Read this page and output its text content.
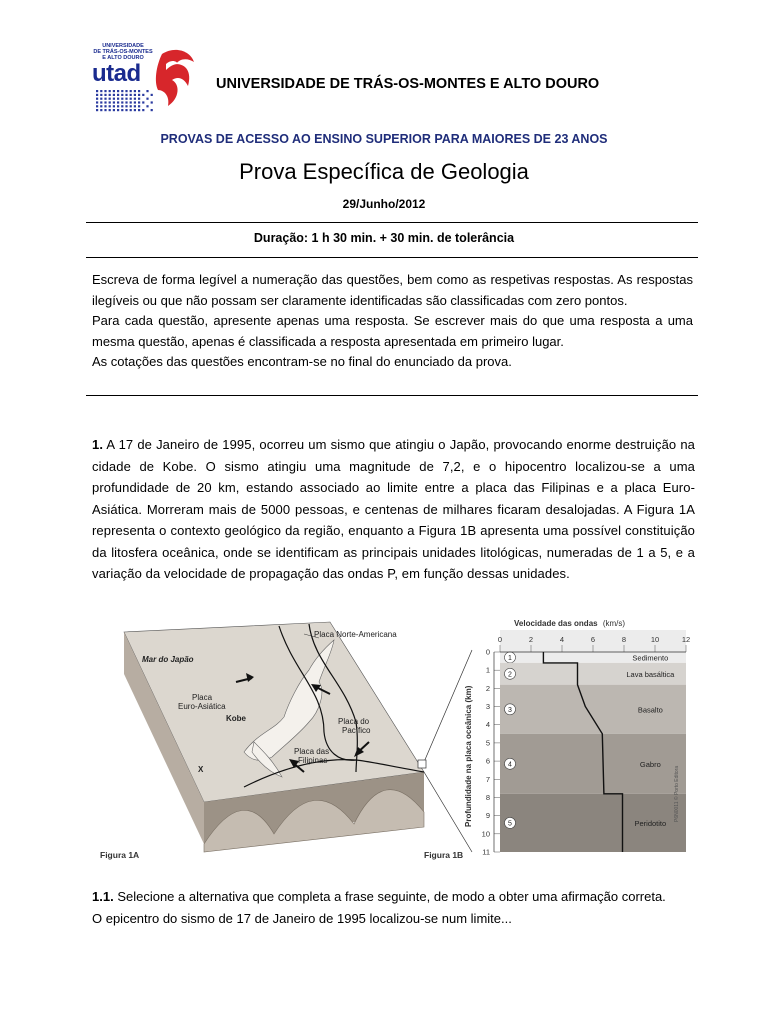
UNIVERSIDADE
DE TRÁS-OS-MONTES
E ALTO DOURO
utad	UNIVERSIDADE DE TRÁS-OS-MONTES E ALTO DOURO
PROVAS DE ACESSO AO ENSINO SUPERIOR PARA MAIORES DE 23 ANOS
Prova Específica de Geologia
29/Junho/2012
Duração: 1 h 30 min. + 30 min. de tolerância

Escreva de forma legível a numeração das questões, bem como as respetivas respostas. As respostas ilegíveis ou que não possam ser claramente identificadas são classificadas com zero pontos.

Para cada questão, apresente apenas uma resposta. Se escrever mais do que uma resposta a uma mesma questão, apenas é classificada a resposta apresentada em primeiro lugar.

As cotações das questões encontram-se no final do enunciado da prova.

1. A 17 de Janeiro de 1995, ocorreu um sismo que atingiu o Japão, provocando enorme destruição na cidade de Kobe. O sismo atingiu uma magnitude de 7,2, e o hipocentro localizou-se a uma profundidade de 20 km, estando associado ao limite entre a placa das Filipinas e a placa Euro-Asiática. Morreram mais de 5000 pessoas, e centenas de milhares ficaram desalojadas. A Figura 1A representa o contexto geológico da região, enquanto a Figura 1B apresenta uma possível constituição da litosfera oceânica, onde se identificam as principais unidades litológicas, numeradas de 1 a 5, e a variação da velocidade de propagação das ondas P, em função dessas unidades.
Placa Norte-Americana
Mar do Japão
Placa
Euro-Asiática
Kobe	Placa do
Pacífico
Placa das
Filipinas
X
Figura 1A
Velocidade das ondas (km/s)
1	Sedimento
2	Lava basáltica
3	Basalto
4	Gabro
5	Peridotito
0	2	4	6	8	10	12
0
1
2
3
4
5
6
7
8
9
10
11
Profundidade na placa oceânica (km)	P6N0011 © Porto Editora
Figura 1B
1.1. Selecione a alternativa que completa a frase seguinte, de modo a obter uma afirmação correta.
O epicentro do sismo de 17 de Janeiro de 1995 localizou-se num limite...
